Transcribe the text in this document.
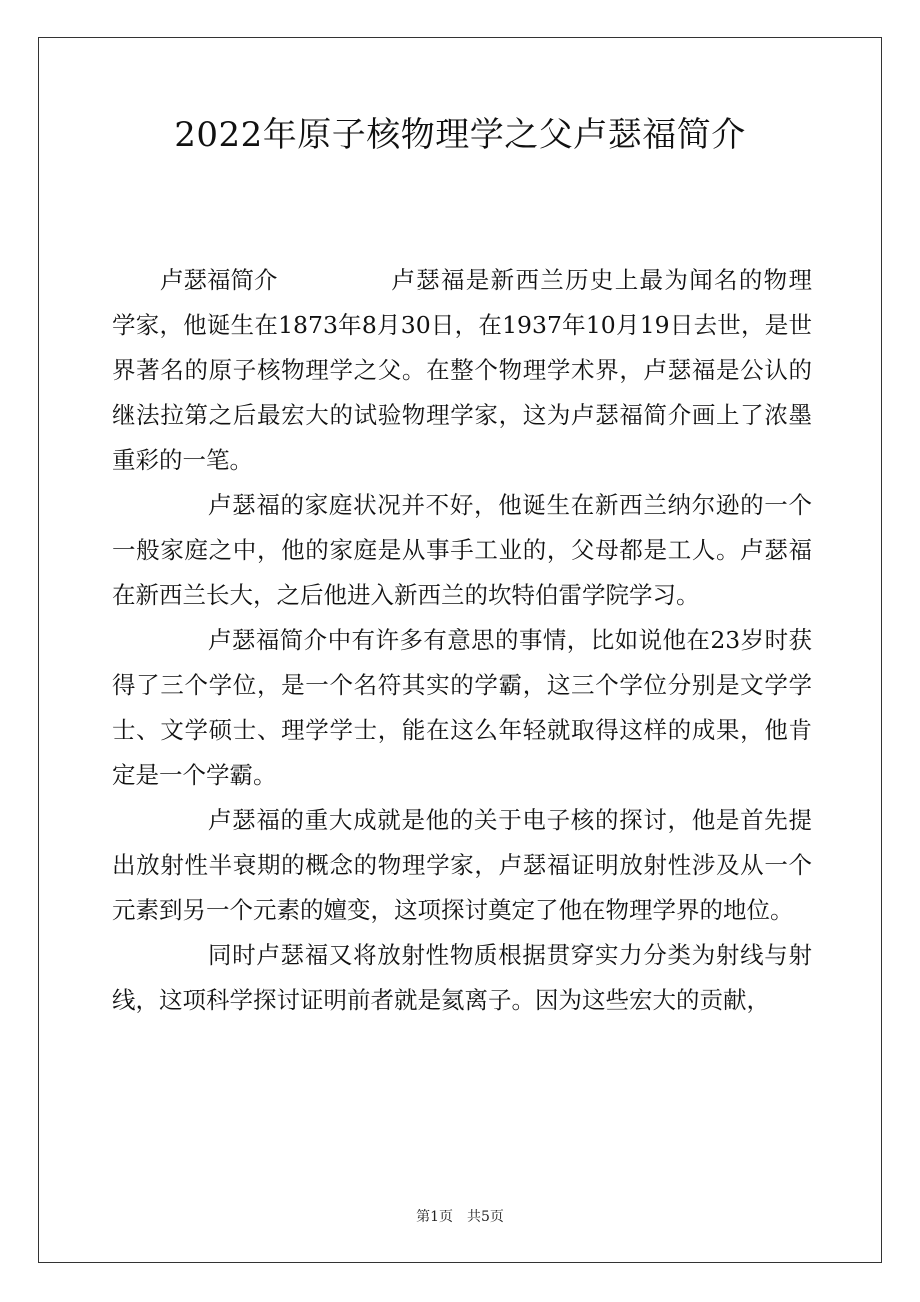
2022年原子核物理学之父卢瑟福简介

卢瑟福简介	卢瑟福是新西兰历史上最为闻名的物理学家，他诞生在1873年8月30日，在1937年10月19日去世，是世界著名的原子核物理学之父。在整个物理学术界，卢瑟福是公认的继法拉第之后最宏大的试验物理学家，这为卢瑟福简介画上了浓墨重彩的一笔。

卢瑟福的家庭状况并不好，他诞生在新西兰纳尔逊的一个一般家庭之中，他的家庭是从事手工业的，父母都是工人。卢瑟福在新西兰长大，之后他进入新西兰的坎特伯雷学院学习。

卢瑟福简介中有许多有意思的事情，比如说他在23岁时获得了三个学位，是一个名符其实的学霸，这三个学位分别是文学学士、文学硕士、理学学士，能在这么年轻就取得这样的成果，他肯定是一个学霸。

卢瑟福的重大成就是他的关于电子核的探讨，他是首先提出放射性半衰期的概念的物理学家，卢瑟福证明放射性涉及从一个元素到另一个元素的嬗变，这项探讨奠定了他在物理学界的地位。

同时卢瑟福又将放射性物质根据贯穿实力分类为射线与射线，这项科学探讨证明前者就是氦离子。因为这些宏大的贡献，

第1页 共5页
